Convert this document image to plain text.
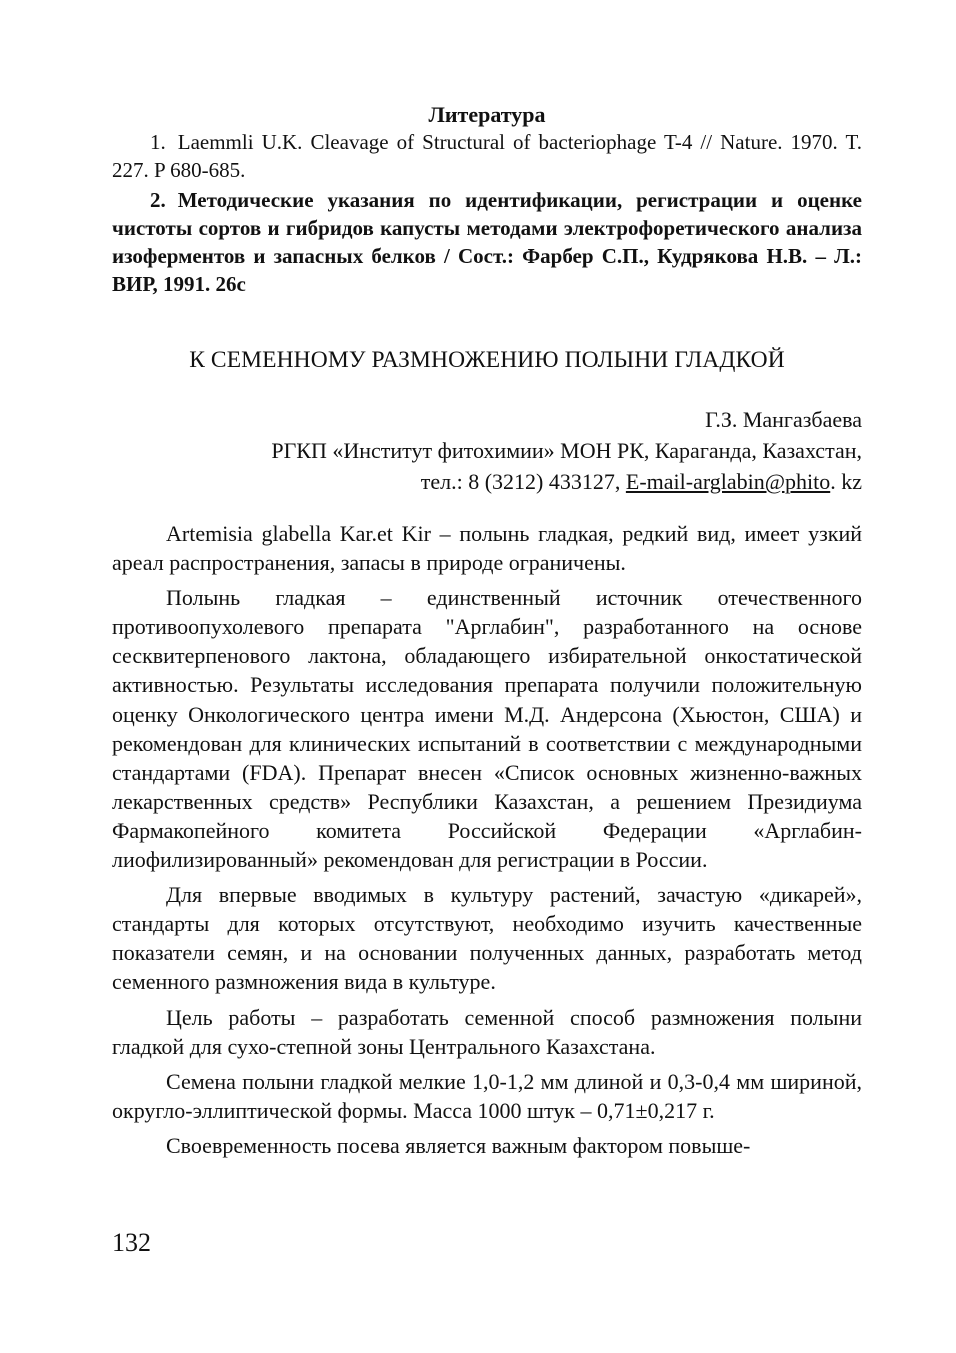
Литература
1. Laemmli U.K. Cleavage of Structural of bacteriophage T-4 // Nature. 1970. T. 227. P 680-685.
2. Методические указания по идентификации, регистрации и оценке чистоты сортов и гибридов капусты методами электрофоретического анализа изоферментов и запасных белков / Сост.: Фарбер С.П., Кудрякова Н.В. – Л.: ВИР, 1991. 26с
К СЕМЕННОМУ РАЗМНОЖЕНИЮ ПОЛЫНИ ГЛАДКОЙ
Г.З. Мангазбаева
РГКП «Институт фитохимии» МОН РК, Караганда, Казахстан,
тел.: 8 (3212) 433127, E-mail-arglabin@phito. kz

Artemisia glabella Kar.et Kir – полынь гладкая, редкий вид, имеет узкий ареал распространения, запасы в природе ограничены.

Полынь гладкая – единственный источник отечественного противоопухолевого препарата "Арглабин", разработанного на основе сесквитерпенового лактона, обладающего избирательной онкостатической активностью. Результаты исследования препарата получили положительную оценку Онкологического центра имени М.Д. Андерсона (Хьюстон, США) и рекомендован для клинических испытаний в соответствии с международными стандартами (FDA). Препарат внесен «Список основных жизненно-важных лекарственных средств» Республики Казахстан, а решением Президиума Фармакопейного комитета Российской Федерации «Арглабин-лиофилизированный» рекомендован для регистрации в России.

Для впервые вводимых в культуру растений, зачастую «дикарей», стандарты для которых отсутствуют, необходимо изучить качественные показатели семян, и на основании полученных данных, разработать метод семенного размножения вида в культуре.

Цель работы – разработать семенной способ размножения полыни гладкой для сухо-степной зоны Центрального Казахстана.

Семена полыни гладкой мелкие 1,0-1,2 мм длиной и 0,3-0,4 мм шириной, округло-эллиптической формы. Масса 1000 штук – 0,71±0,217 г.

Своевременность посева является важным фактором повыше-

132
